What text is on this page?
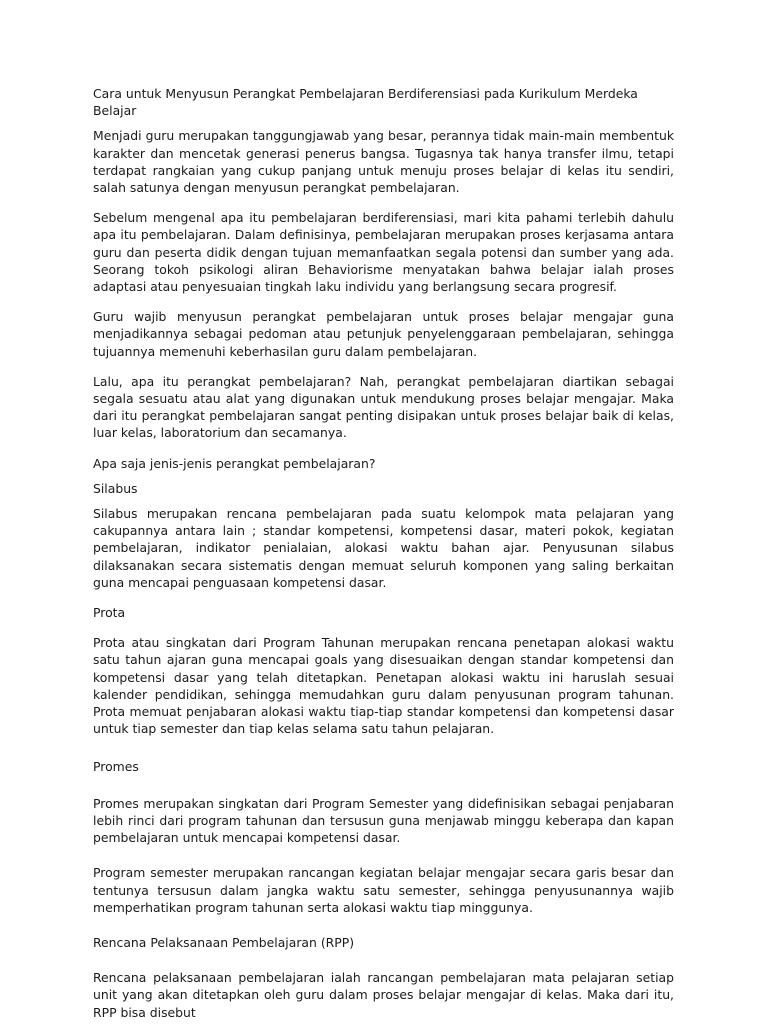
Cara untuk Menyusun Perangkat Pembelajaran Berdiferensiasi pada Kurikulum Merdeka Belajar

Menjadi guru merupakan tanggungjawab yang besar, perannya tidak main-main membentuk karakter dan mencetak generasi penerus bangsa. Tugasnya tak hanya transfer ilmu, tetapi terdapat rangkaian yang cukup panjang untuk menuju proses belajar di kelas itu sendiri, salah satunya dengan menyusun perangkat pembelajaran.

Sebelum mengenal apa itu pembelajaran berdiferensiasi, mari kita pahami terlebih dahulu apa itu pembelajaran. Dalam definisinya, pembelajaran merupakan proses kerjasama antara guru dan peserta didik dengan tujuan memanfaatkan segala potensi dan sumber yang ada. Seorang tokoh psikologi aliran Behaviorisme menyatakan bahwa belajar ialah proses adaptasi atau penyesuaian tingkah laku individu yang berlangsung secara progresif.

Guru wajib menyusun perangkat pembelajaran untuk proses belajar mengajar guna menjadikannya sebagai pedoman atau petunjuk penyelenggaraan pembelajaran, sehingga tujuannya memenuhi keberhasilan guru dalam pembelajaran.

Lalu, apa itu perangkat pembelajaran? Nah, perangkat pembelajaran diartikan sebagai segala sesuatu atau alat yang digunakan untuk mendukung proses belajar mengajar. Maka dari itu perangkat pembelajaran sangat penting disipakan untuk proses belajar baik di kelas, luar kelas, laboratorium dan secamanya.

Apa saja jenis-jenis perangkat pembelajaran?

Silabus

Silabus merupakan rencana pembelajaran pada suatu kelompok mata pelajaran yang cakupannya antara lain ; standar kompetensi, kompetensi dasar, materi pokok, kegiatan pembelajaran, indikator penialaian, alokasi waktu bahan ajar. Penyusunan silabus dilaksanakan secara sistematis dengan memuat seluruh komponen yang saling berkaitan guna mencapai penguasaan kompetensi dasar.

Prota

Prota atau singkatan dari Program Tahunan merupakan rencana penetapan alokasi waktu satu tahun ajaran guna mencapai goals yang disesuaikan dengan standar kompetensi dan kompetensi dasar yang telah ditetapkan. Penetapan alokasi waktu ini haruslah sesuai kalender pendidikan, sehingga memudahkan guru dalam penyusunan program tahunan. Prota memuat penjabaran alokasi waktu tiap-tiap standar kompetensi dan kompetensi dasar untuk tiap semester dan tiap kelas selama satu tahun pelajaran.

Promes

Promes merupakan singkatan dari Program Semester yang didefinisikan sebagai penjabaran lebih rinci dari program tahunan dan tersusun guna menjawab minggu keberapa dan kapan pembelajaran untuk mencapai kompetensi dasar.

Program semester merupakan rancangan kegiatan belajar mengajar secara garis besar dan tentunya tersusun dalam jangka waktu satu semester, sehingga penyusunannya wajib memperhatikan program tahunan serta alokasi waktu tiap minggunya.

Rencana Pelaksanaan Pembelajaran (RPP)

Rencana pelaksanaan pembelajaran ialah rancangan pembelajaran mata pelajaran setiap unit yang akan ditetapkan oleh guru dalam proses belajar mengajar di kelas. Maka dari itu, RPP bisa disebut
